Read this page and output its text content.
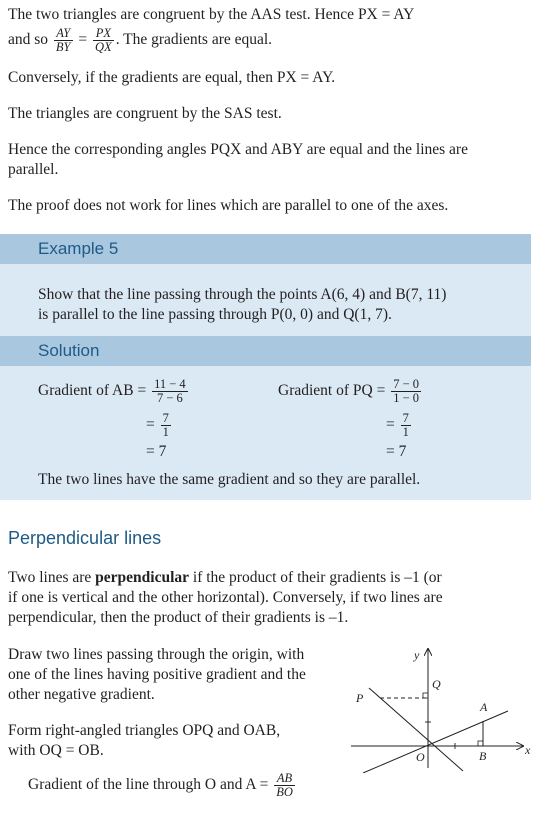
The two triangles are congruent by the AAS test. Hence PX = AY

and so $\frac{AY}{BY} = \frac{PX}{QX}$ . The gradients are equal.

Conversely, if the gradients are equal, then PX = AY.

The triangles are congruent by the SAS test.

Hence the corresponding angles PQX and ABY are equal and the lines are

parallel.

The proof does not work for lines which are parallel to one of the axes.

Example 5
Show that the line passing through the points A(6, 4) and B(7, 11)
is parallel to the line passing through P(0, 0) and Q(1, 7).
Solution
Gradient of AB = $\frac{11 - 4}{7 - 6}$
= $\frac{7}{1}$
= 7
Gradient of PQ = $\frac{7 - 0}{1 - 0}$
= $\frac{7}{1}$
= 7
The two lines have the same gradient and so they are parallel.
Perpendicular lines

Two lines are perpendicular if the product of their gradients is –1 (or

if one is vertical and the other horizontal). Conversely, if two lines are

perpendicular, then the product of their gradients is –1.

Draw two lines passing through the origin, with

one of the lines having positive gradient and the

other negative gradient.

Form right-angled triangles OPQ and OAB,

with OQ = OB.

Gradient of the line through O and $A = \frac{AB}{BO}$

y
x
P
Q
A
B
O
